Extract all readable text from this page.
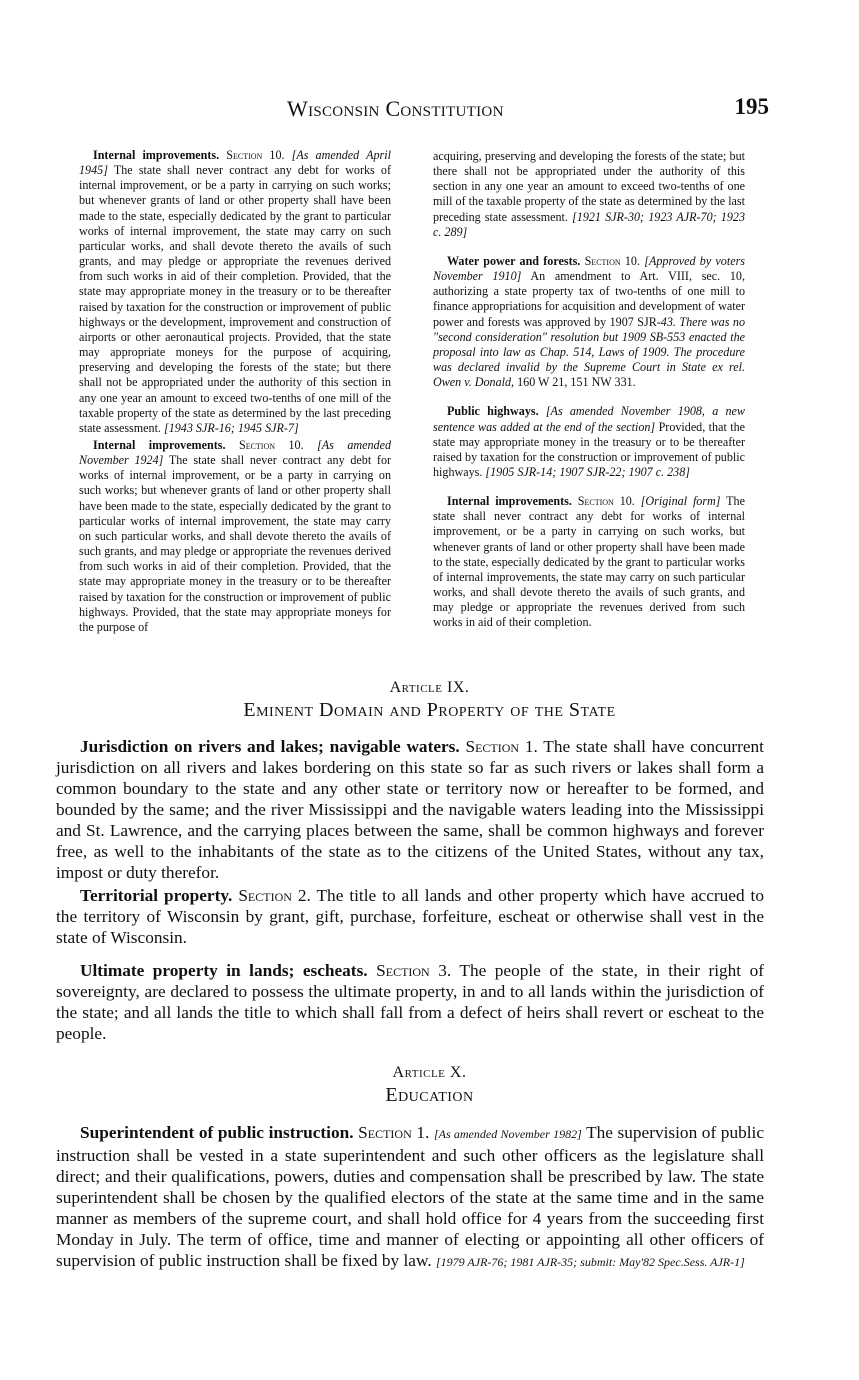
Wisconsin Constitution	195

Internal improvements. Section 10. [As amended April 1945] The state shall never contract any debt for works of internal improvement, or be a party in carrying on such works; but whenever grants of land or other property shall have been made to the state, especially dedicated by the grant to particular works of internal improvement, the state may carry on such particular works, and shall devote thereto the avails of such grants, and may pledge or appropriate the revenues derived from such works in aid of their completion. Provided, that the state may appropriate money in the treasury or to be thereafter raised by taxation for the construction or improvement of public highways or the development, improvement and construction of airports or other aeronautical projects. Provided, that the state may appropriate moneys for the purpose of acquiring, preserving and developing the forests of the state; but there shall not be appropriated under the authority of this section in any one year an amount to exceed two-tenths of one mill of the taxable property of the state as determined by the last preceding state assessment. [1943 SJR-16; 1945 SJR-7]

Internal improvements. Section 10. [As amended November 1924] The state shall never contract any debt for works of internal improvement, or be a party in carrying on such works; but whenever grants of land or other property shall have been made to the state, especially dedicated by the grant to particular works of internal improvement, the state may carry on such particular works, and shall devote thereto the avails of such grants, and may pledge or appropriate the revenues derived from such works in aid of their completion. Provided, that the state may appropriate money in the treasury or to be thereafter raised by taxation for the construction or improvement of public highways. Provided, that the state may appropriate moneys for the purpose of

acquiring, preserving and developing the forests of the state; but there shall not be appropriated under the authority of this section in any one year an amount to exceed two-tenths of one mill of the taxable property of the state as determined by the last preceding state assessment. [1921 SJR-30; 1923 AJR-70; 1923 c. 289]

Water power and forests. Section 10. [Approved by voters November 1910] An amendment to Art. VIII, sec. 10, authorizing a state property tax of two-tenths of one mill to finance appropriations for acquisition and development of water power and forests was approved by 1907 SJR-43. There was no "second consideration" resolution but 1909 SB-553 enacted the proposal into law as Chap. 514, Laws of 1909. The procedure was declared invalid by the Supreme Court in State ex rel. Owen v. Donald, 160 W 21, 151 NW 331.

Public highways. [As amended November 1908, a new sentence was added at the end of the section] Provided, that the state may appropriate money in the treasury or to be thereafter raised by taxation for the construction or improvement of public highways. [1905 SJR-14; 1907 SJR-22; 1907 c. 238]

Internal improvements. Section 10. [Original form] The state shall never contract any debt for works of internal improvement, or be a party in carrying on such works, but whenever grants of land or other property shall have been made to the state, especially dedicated by the grant to particular works of internal improvements, the state may carry on such particular works, and shall devote thereto the avails of such grants, and may pledge or appropriate the revenues derived from such works in aid of their completion.

Article IX.
Eminent Domain and Property of the State

Jurisdiction on rivers and lakes; navigable waters. Section 1. The state shall have concurrent jurisdiction on all rivers and lakes bordering on this state so far as such rivers or lakes shall form a common boundary to the state and any other state or territory now or hereafter to be formed, and bounded by the same; and the river Mississippi and the navigable waters leading into the Mississippi and St. Lawrence, and the carrying places between the same, shall be common highways and forever free, as well to the inhabitants of the state as to the citizens of the United States, without any tax, impost or duty therefor.

Territorial property. Section 2. The title to all lands and other property which have accrued to the territory of Wisconsin by grant, gift, purchase, forfeiture, escheat or otherwise shall vest in the state of Wisconsin.

Ultimate property in lands; escheats. Section 3. The people of the state, in their right of sovereignty, are declared to possess the ultimate property, in and to all lands within the jurisdiction of the state; and all lands the title to which shall fall from a defect of heirs shall revert or escheat to the people.

Article X.
Education

Superintendent of public instruction. Section 1. [As amended November 1982] The supervision of public instruction shall be vested in a state superintendent and such other officers as the legislature shall direct; and their qualifications, powers, duties and compensation shall be prescribed by law. The state superintendent shall be chosen by the qualified electors of the state at the same time and in the same manner as members of the supreme court, and shall hold office for 4 years from the succeeding first Monday in July. The term of office, time and manner of electing or appointing all other officers of supervision of public instruction shall be fixed by law. [1979 AJR-76; 1981 AJR-35; submit: May'82 Spec.Sess. AJR-1]
